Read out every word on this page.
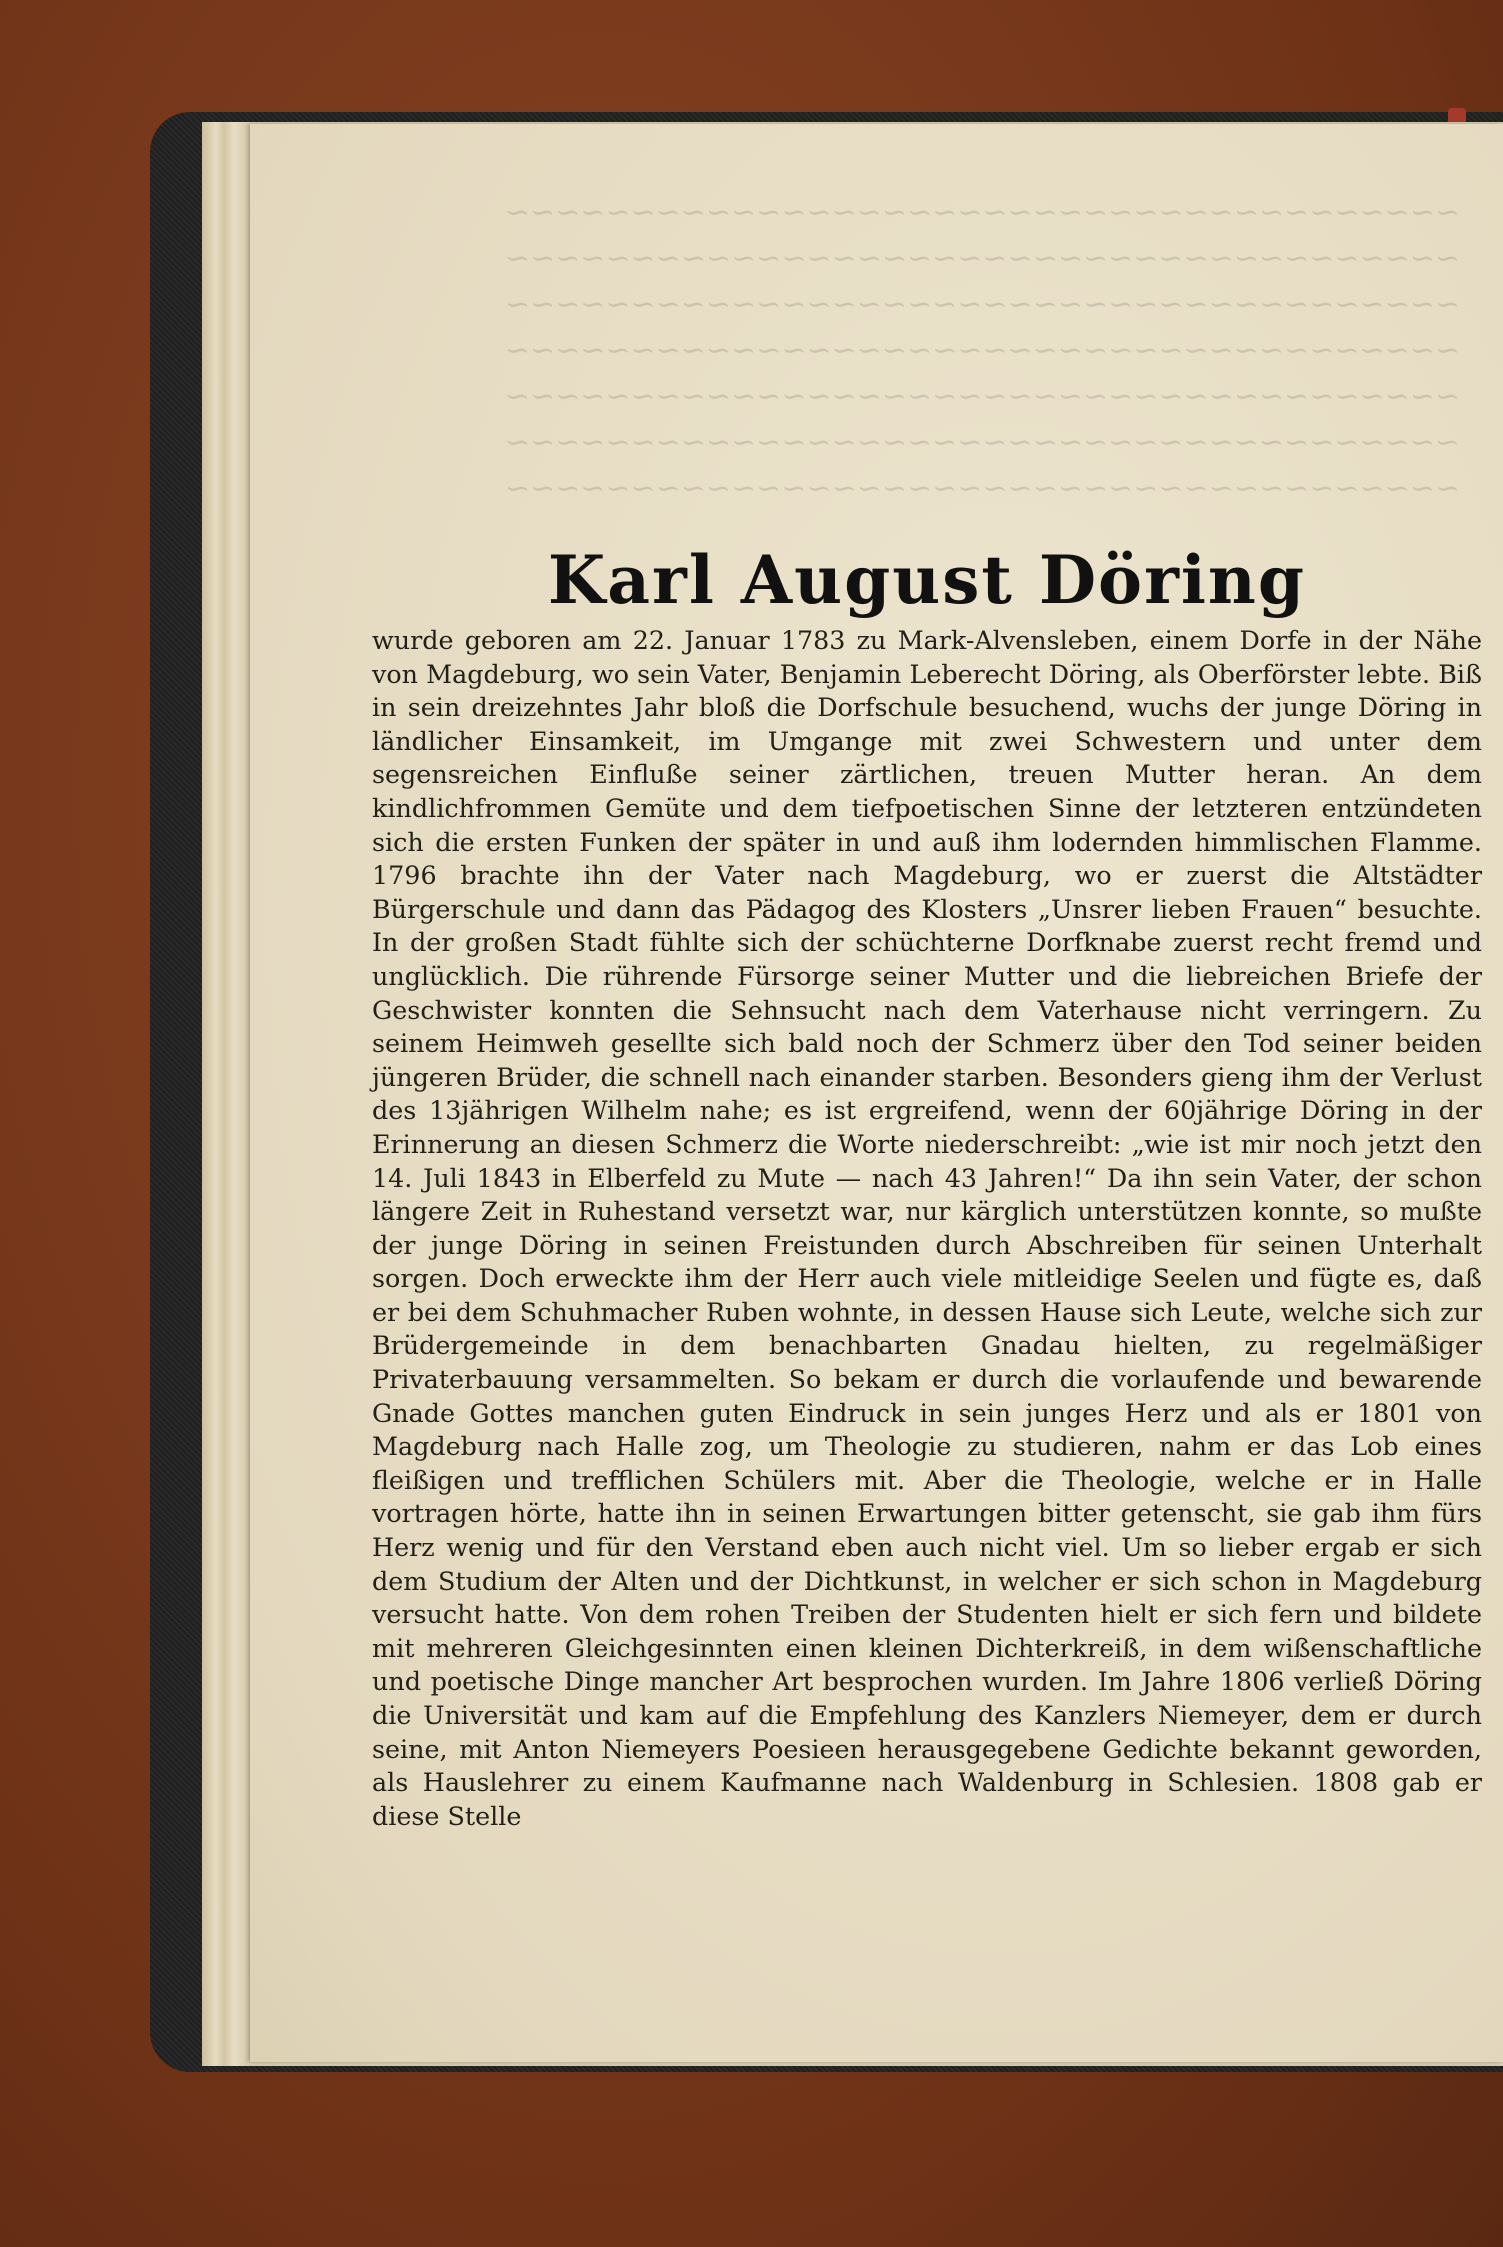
~~~~~~~~~~~~~~~~~~~~~~~~~~~~~~~~~~~~~~
~~~~~~~~~~~~~~~~~~~~~~~~~~~~~~~~~~~~~~
~~~~~~~~~~~~~~~~~~~~~~~~~~~~~~~~~~~~~~
~~~~~~~~~~~~~~~~~~~~~~~~~~~~~~~~~~~~~~
~~~~~~~~~~~~~~~~~~~~~~~~~~~~~~~~~~~~~~
~~~~~~~~~~~~~~~~~~~~~~~~~~~~~~~~~~~~~~
~~~~~~~~~~~~~~~~~~~~~~~~~~~~~~~~~~~~~~
Karl August Döring

wurde geboren am 22. Januar 1783 zu Mark-Alvensleben, einem Dorfe in der Nähe von Magdeburg, wo sein Vater, Benjamin Leberecht Döring, als Oberförster lebte. Biß in sein dreizehntes Jahr bloß die Dorfschule besuchend, wuchs der junge Döring in ländlicher Einsamkeit, im Umgange mit zwei Schwestern und unter dem segensreichen Einfluße seiner zärtlichen, treuen Mutter heran. An dem kindlichfrommen Gemüte und dem tiefpoetischen Sinne der letzteren entzündeten sich die ersten Funken der später in und auß ihm lodernden himmlischen Flamme. 1796 brachte ihn der Vater nach Magdeburg, wo er zuerst die Altstädter Bürgerschule und dann das Pädagog des Klosters „Unsrer lieben Frauen“ besuchte. In der großen Stadt fühlte sich der schüchterne Dorfknabe zuerst recht fremd und unglücklich. Die rührende Fürsorge seiner Mutter und die liebreichen Briefe der Geschwister konnten die Sehnsucht nach dem Vaterhause nicht verringern. Zu seinem Heimweh gesellte sich bald noch der Schmerz über den Tod seiner beiden jüngeren Brüder, die schnell nach einander starben. Besonders gieng ihm der Verlust des 13jährigen Wilhelm nahe; es ist ergreifend, wenn der 60jährige Döring in der Erinnerung an diesen Schmerz die Worte niederschreibt: „wie ist mir noch jetzt den 14. Juli 1843 in Elberfeld zu Mute — nach 43 Jahren!“ Da ihn sein Vater, der schon längere Zeit in Ruhestand versetzt war, nur kärglich unterstützen konnte, so mußte der junge Döring in seinen Freistunden durch Abschreiben für seinen Unterhalt sorgen. Doch erweckte ihm der Herr auch viele mitleidige Seelen und fügte es, daß er bei dem Schuhmacher Ruben wohnte, in dessen Hause sich Leute, welche sich zur Brüdergemeinde in dem benachbarten Gnadau hielten, zu regelmäßiger Privaterbauung versammelten. So bekam er durch die vorlaufende und bewarende Gnade Gottes manchen guten Eindruck in sein junges Herz und als er 1801 von Magdeburg nach Halle zog, um Theologie zu studieren, nahm er das Lob eines fleißigen und trefflichen Schülers mit. Aber die Theologie, welche er in Halle vortragen hörte, hatte ihn in seinen Erwartungen bitter getenscht, sie gab ihm fürs Herz wenig und für den Verstand eben auch nicht viel. Um so lieber ergab er sich dem Studium der Alten und der Dichtkunst, in welcher er sich schon in Magdeburg versucht hatte. Von dem rohen Treiben der Studenten hielt er sich fern und bildete mit mehreren Gleichgesinnten einen kleinen Dichterkreiß, in dem wißenschaftliche und poetische Dinge mancher Art besprochen wurden. Im Jahre 1806 verließ Döring die Universität und kam auf die Empfehlung des Kanzlers Niemeyer, dem er durch seine, mit Anton Niemeyers Poesieen herausgegebene Gedichte bekannt geworden, als Hauslehrer zu einem Kaufmanne nach Waldenburg in Schlesien. 1808 gab er diese Stelle
